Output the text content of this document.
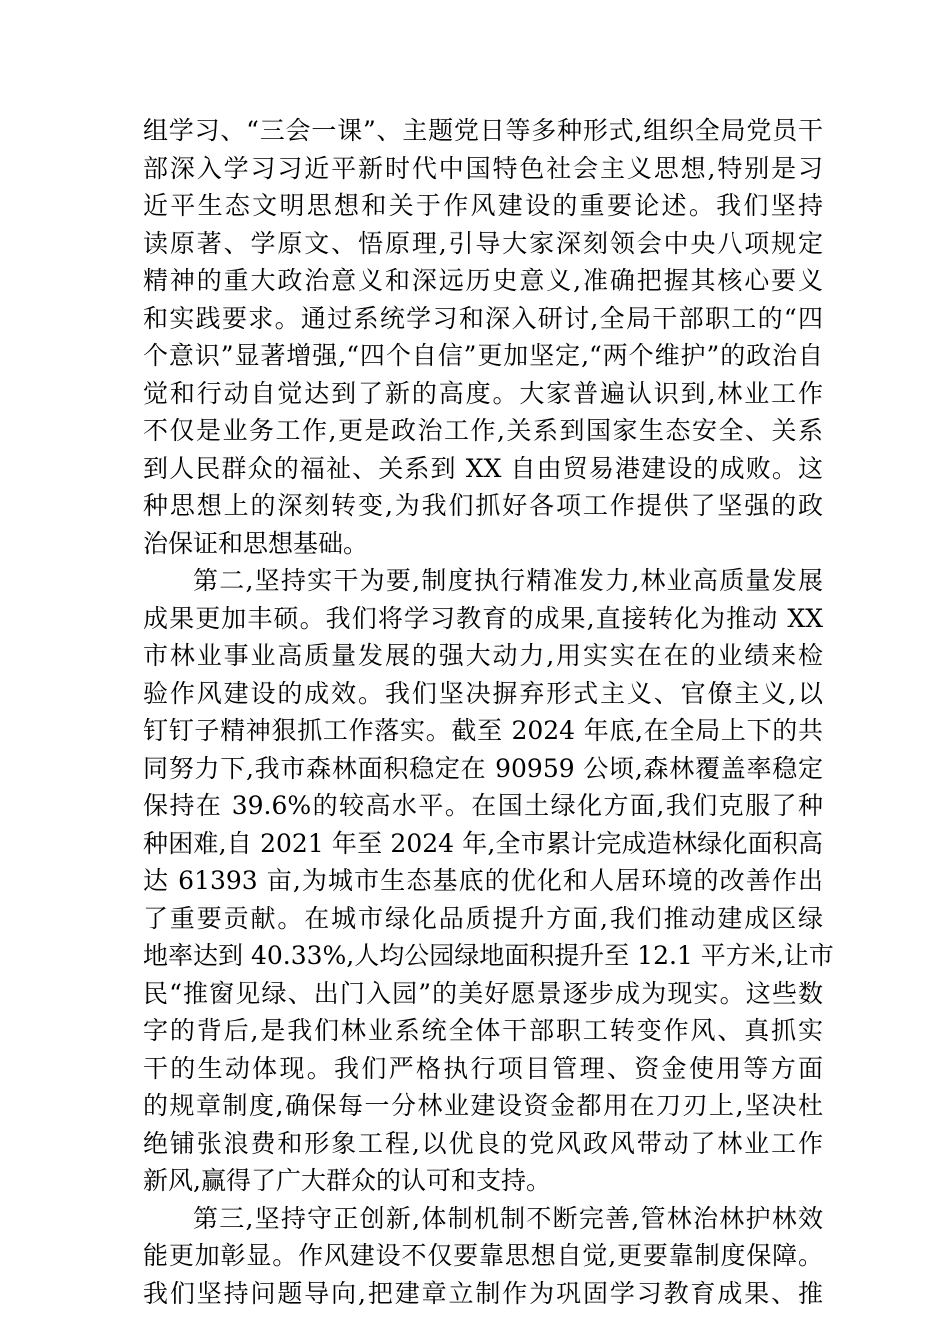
组学习、“三会一课”、主题党日等多种形式,组织全局党员干
部深入学习习近平新时代中国特色社会主义思想,特别是习
近平生态文明思想和关于作风建设的重要论述。我们坚持
读原著、学原文、悟原理,引导大家深刻领会中央八项规定
精神的重大政治意义和深远历史意义,准确把握其核心要义
和实践要求。通过系统学习和深入研讨,全局干部职工的“四
个意识”显著增强,“四个自信”更加坚定,“两个维护”的政治自
觉和行动自觉达到了新的高度。大家普遍认识到,林业工作
不仅是业务工作,更是政治工作,关系到国家生态安全、关系
到人民群众的福祉、关系到 XX 自由贸易港建设的成败。这
种思想上的深刻转变,为我们抓好各项工作提供了坚强的政
治保证和思想基础。
第二,坚持实干为要,制度执行精准发力,林业高质量发展
成果更加丰硕。我们将学习教育的成果,直接转化为推动 XX
市林业事业高质量发展的强大动力,用实实在在的业绩来检
验作风建设的成效。我们坚决摒弃形式主义、官僚主义,以
钉钉子精神狠抓工作落实。截至 2024 年底,在全局上下的共
同努力下,我市森林面积稳定在 90959 公顷,森林覆盖率稳定
保持在 39.6%的较高水平。在国土绿化方面,我们克服了种
种困难,自 2021 年至 2024 年,全市累计完成造林绿化面积高
达 61393 亩,为城市生态基底的优化和人居环境的改善作出
了重要贡献。在城市绿化品质提升方面,我们推动建成区绿
地率达到 40.33%,人均公园绿地面积提升至 12.1 平方米,让市
民“推窗见绿、出门入园”的美好愿景逐步成为现实。这些数
字的背后,是我们林业系统全体干部职工转变作风、真抓实
干的生动体现。我们严格执行项目管理、资金使用等方面
的规章制度,确保每一分林业建设资金都用在刀刃上,坚决杜
绝铺张浪费和形象工程,以优良的党风政风带动了林业工作
新风,赢得了广大群众的认可和支持。
第三,坚持守正创新,体制机制不断完善,管林治林护林效
能更加彰显。作风建设不仅要靠思想自觉,更要靠制度保障。
我们坚持问题导向,把建章立制作为巩固学习教育成果、推
